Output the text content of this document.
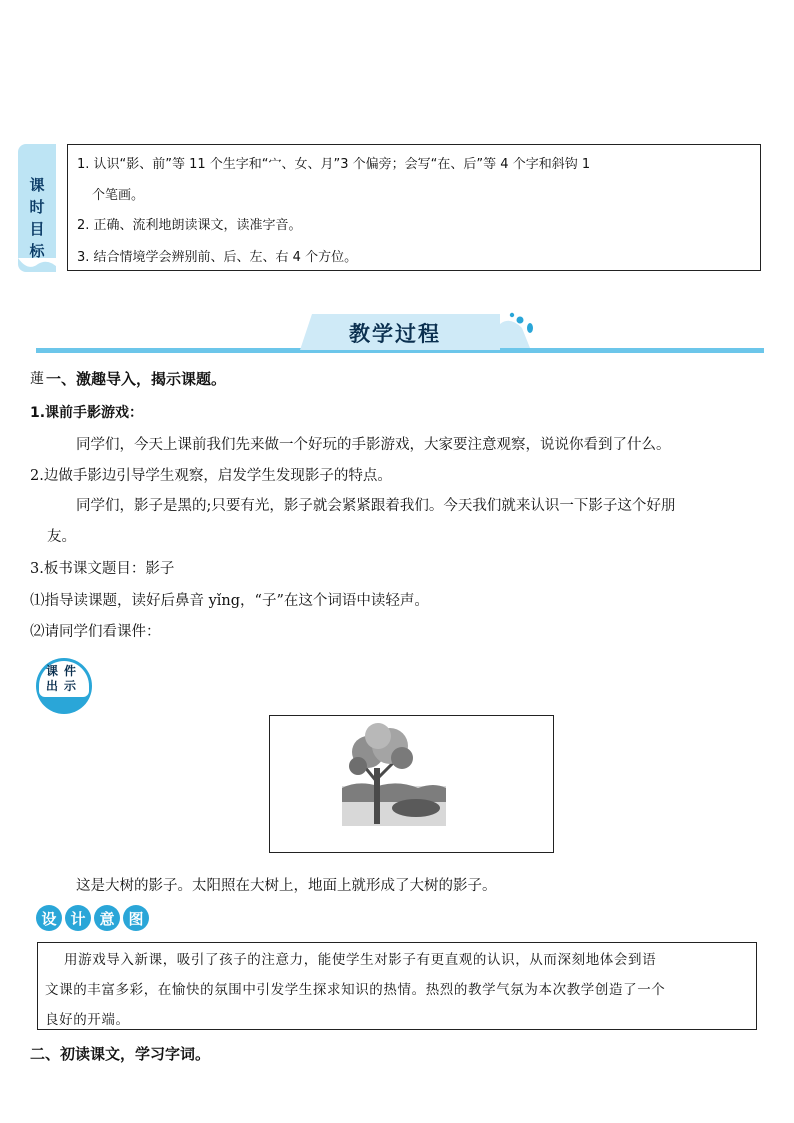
课时目标
1. 认识“影、前”等 11 个生字和“宀、女、月”3 个偏旁；会写“在、后”等 4 个字和斜钩 1
个笔画。
2. 正确、流利地朗读课文，读准字音。
3. 结合情境学会辨别前、后、左、右 4 个方位。
教学过程
蓮 一、激趣导入，揭示课题。
1.课前手影游戏：
同学们，今天上课前我们先来做一个好玩的手影游戏，大家要注意观察，说说你看到了什么。
2.边做手影边引导学生观察，启发学生发现影子的特点。
同学们，影子是黑的;只要有光，影子就会紧紧跟着我们。今天我们就来认识一下影子这个好朋
友。
3.板书课文题目：影子
⑴指导读课题，读好后鼻音 yǐng，“子”在这个词语中读轻声。
⑵请同学们看课件：
课件出示
这是大树的影子。太阳照在大树上，地面上就形成了大树的影子。
设 计 意 图
用游戏导入新课，吸引了孩子的注意力，能使学生对影子有更直观的认识，从而深刻地体会到语
文课的丰富多彩，在愉快的氛围中引发学生探求知识的热情。热烈的教学气氛为本次教学创造了一个
良好的开端。
二、初读课文，学习字词。
